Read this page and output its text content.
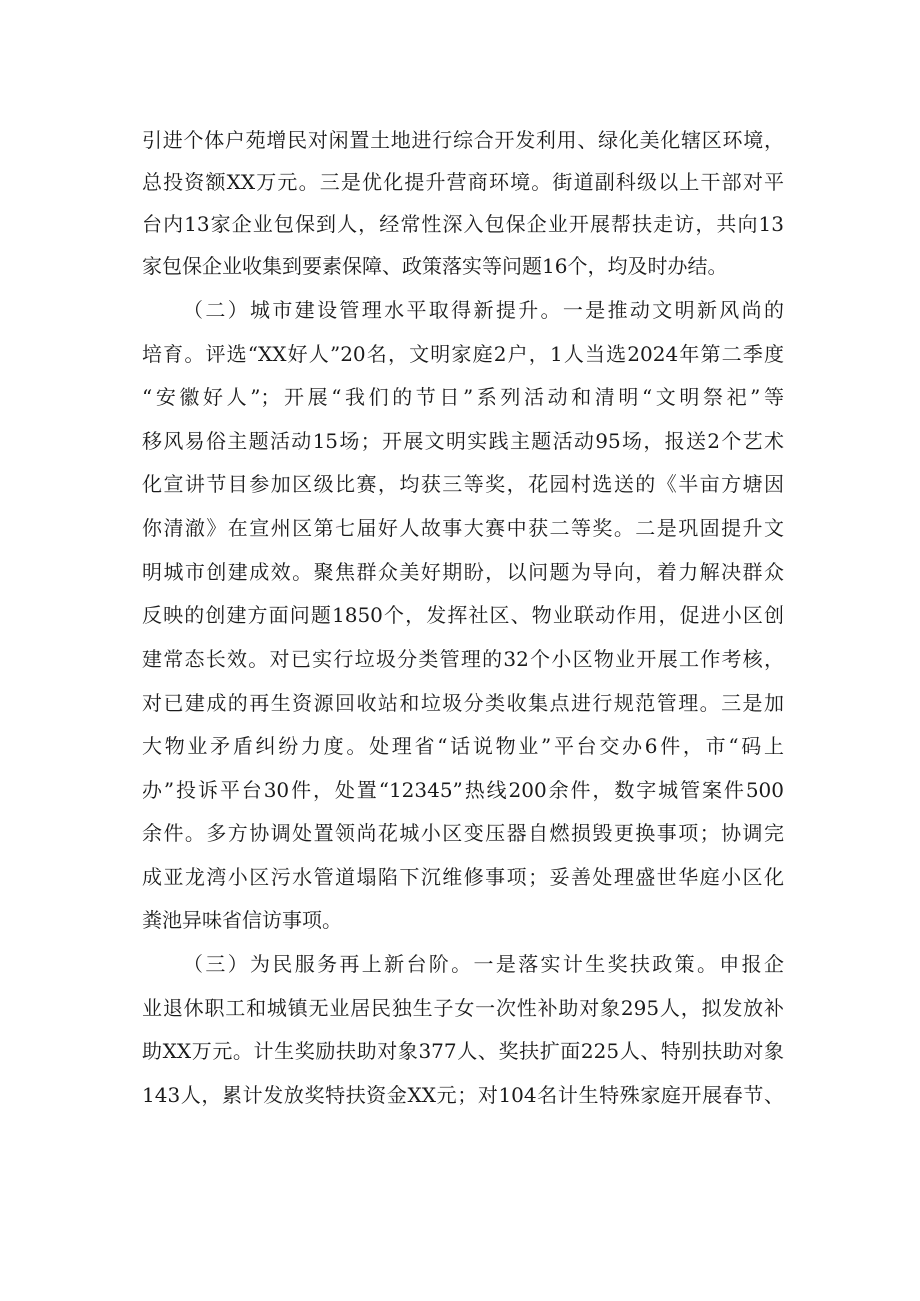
引进个体户苑增民对闲置土地进行综合开发利用、绿化美化辖区环境，
总投资额XX万元。三是优化提升营商环境。街道副科级以上干部对平
台内13家企业包保到人，经常性深入包保企业开展帮扶走访，共向13
家包保企业收集到要素保障、政策落实等问题16个，均及时办结。
（二）城市建设管理水平取得新提升。一是推动文明新风尚的
培育。评选“XX好人”20名，文明家庭2户，1人当选2024年第二季度
“安徽好人”；开展“我们的节日”系列活动和清明“文明祭祀”等
移风易俗主题活动15场；开展文明实践主题活动95场，报送2个艺术
化宣讲节目参加区级比赛，均获三等奖，花园村选送的《半亩方塘因
你清澈》在宣州区第七届好人故事大赛中获二等奖。二是巩固提升文
明城市创建成效。聚焦群众美好期盼，以问题为导向，着力解决群众
反映的创建方面问题1850个，发挥社区、物业联动作用，促进小区创
建常态长效。对已实行垃圾分类管理的32个小区物业开展工作考核，
对已建成的再生资源回收站和垃圾分类收集点进行规范管理。三是加
大物业矛盾纠纷力度。处理省“话说物业”平台交办6件，市“码上
办”投诉平台30件，处置“12345”热线200余件，数字城管案件500
余件。多方协调处置领尚花城小区变压器自燃损毁更换事项；协调完
成亚龙湾小区污水管道塌陷下沉维修事项；妥善处理盛世华庭小区化
粪池异味省信访事项。
（三）为民服务再上新台阶。一是落实计生奖扶政策。申报企
业退休职工和城镇无业居民独生子女一次性补助对象295人，拟发放补
助XX万元。计生奖励扶助对象377人、奖扶扩面225人、特别扶助对象
143人，累计发放奖特扶资金XX元；对104名计生特殊家庭开展春节、
